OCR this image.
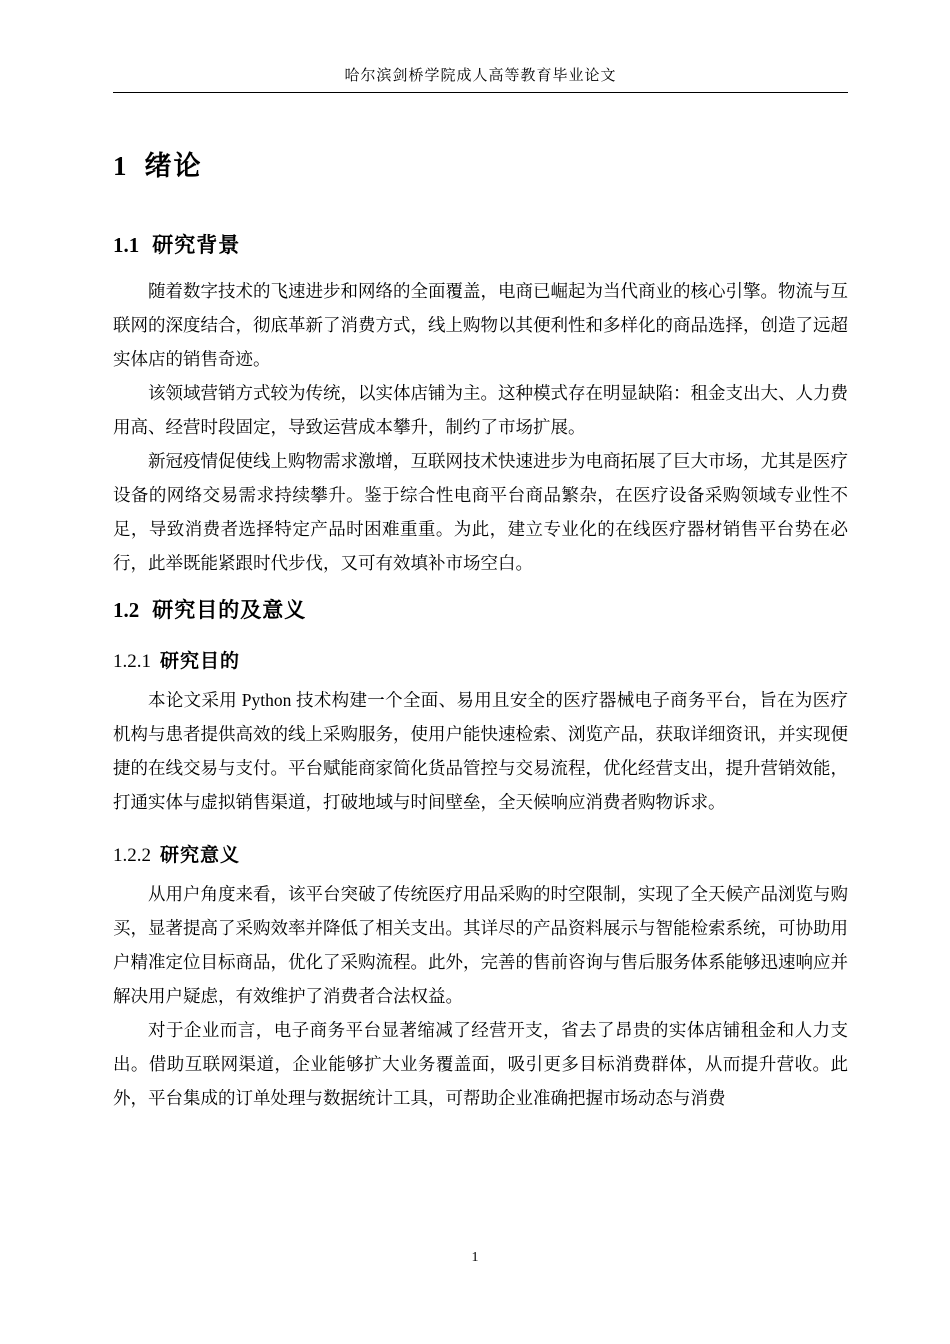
哈尔滨剑桥学院成人高等教育毕业论文
1 绪论
1.1 研究背景

随着数字技术的飞速进步和网络的全面覆盖，电商已崛起为当代商业的核心引擎。物流与互联网的深度结合，彻底革新了消费方式，线上购物以其便利性和多样化的商品选择，创造了远超实体店的销售奇迹。

该领域营销方式较为传统，以实体店铺为主。这种模式存在明显缺陷：租金支出大、人力费用高、经营时段固定，导致运营成本攀升，制约了市场扩展。

新冠疫情促使线上购物需求激增，互联网技术快速进步为电商拓展了巨大市场，尤其是医疗设备的网络交易需求持续攀升。鉴于综合性电商平台商品繁杂，在医疗设备采购领域专业性不足，导致消费者选择特定产品时困难重重。为此，建立专业化的在线医疗器材销售平台势在必行，此举既能紧跟时代步伐，又可有效填补市场空白。

1.2 研究目的及意义
1.2.1 研究目的

本论文采用 Python 技术构建一个全面、易用且安全的医疗器械电子商务平台，旨在为医疗机构与患者提供高效的线上采购服务，使用户能快速检索、浏览产品，获取详细资讯，并实现便捷的在线交易与支付。平台赋能商家简化货品管控与交易流程，优化经营支出，提升营销效能，打通实体与虚拟销售渠道，打破地域与时间壁垒，全天候响应消费者购物诉求。

1.2.2 研究意义

从用户角度来看，该平台突破了传统医疗用品采购的时空限制，实现了全天候产品浏览与购买，显著提高了采购效率并降低了相关支出。其详尽的产品资料展示与智能检索系统，可协助用户精准定位目标商品，优化了采购流程。此外，完善的售前咨询与售后服务体系能够迅速响应并解决用户疑虑，有效维护了消费者合法权益。

对于企业而言，电子商务平台显著缩减了经营开支，省去了昂贵的实体店铺租金和人力支出。借助互联网渠道，企业能够扩大业务覆盖面，吸引更多目标消费群体，从而提升营收。此外，平台集成的订单处理与数据统计工具，可帮助企业准确把握市场动态与消费

1
